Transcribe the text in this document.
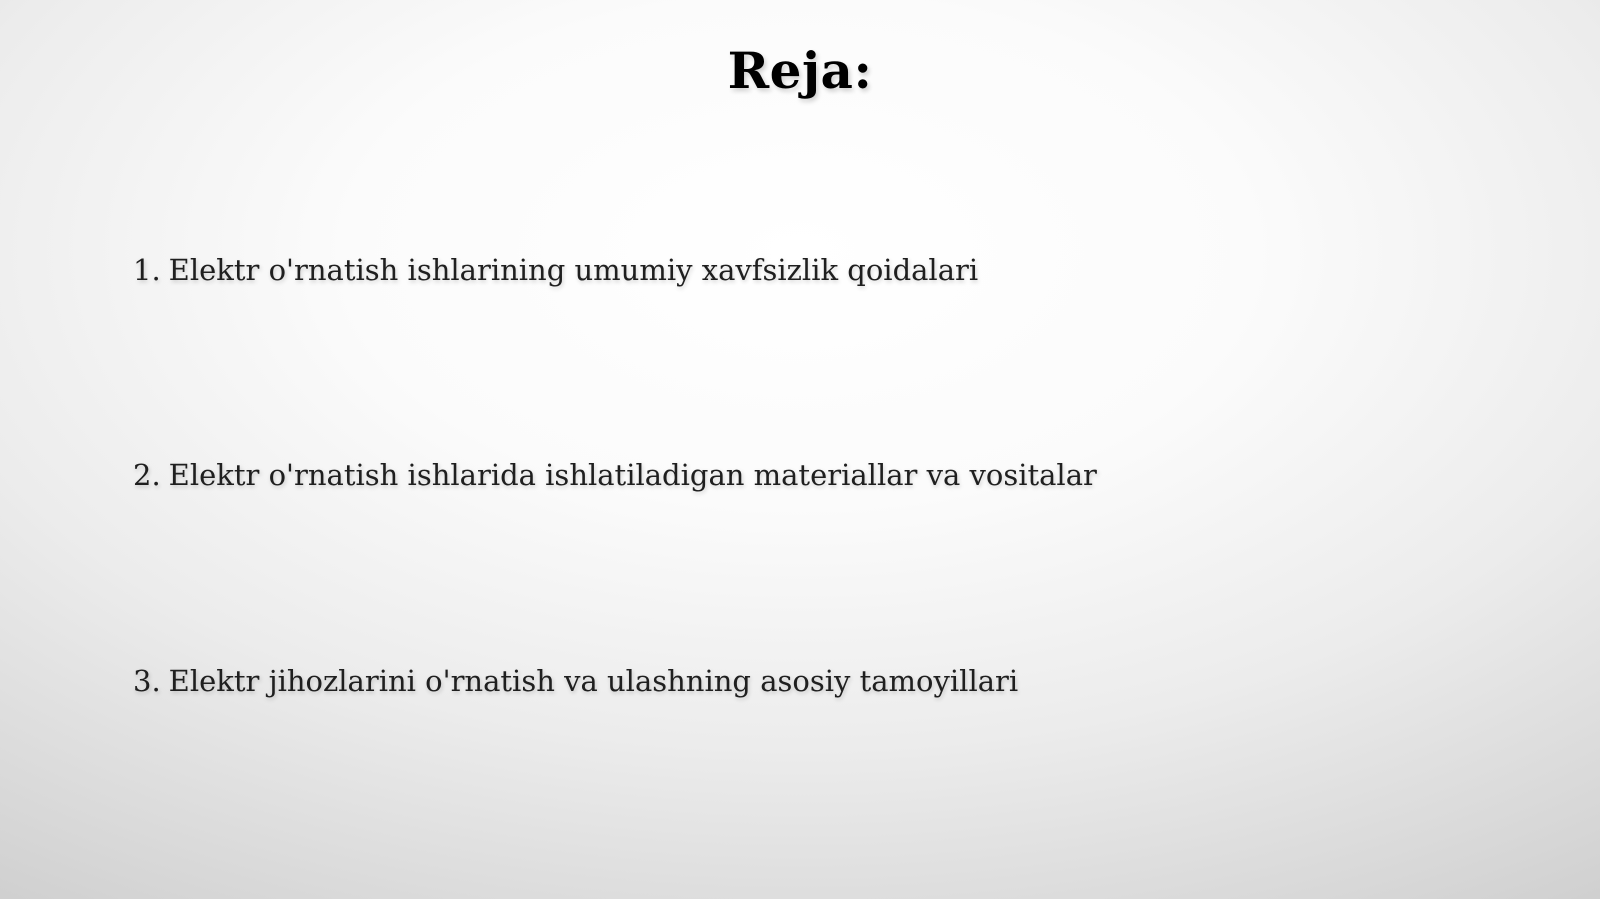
Reja:
1. Elektr o'rnatish ishlarining umumiy xavfsizlik qoidalari
2. Elektr o'rnatish ishlarida ishlatiladigan materiallar va vositalar
3. Elektr jihozlarini o'rnatish va ulashning asosiy tamoyillari
